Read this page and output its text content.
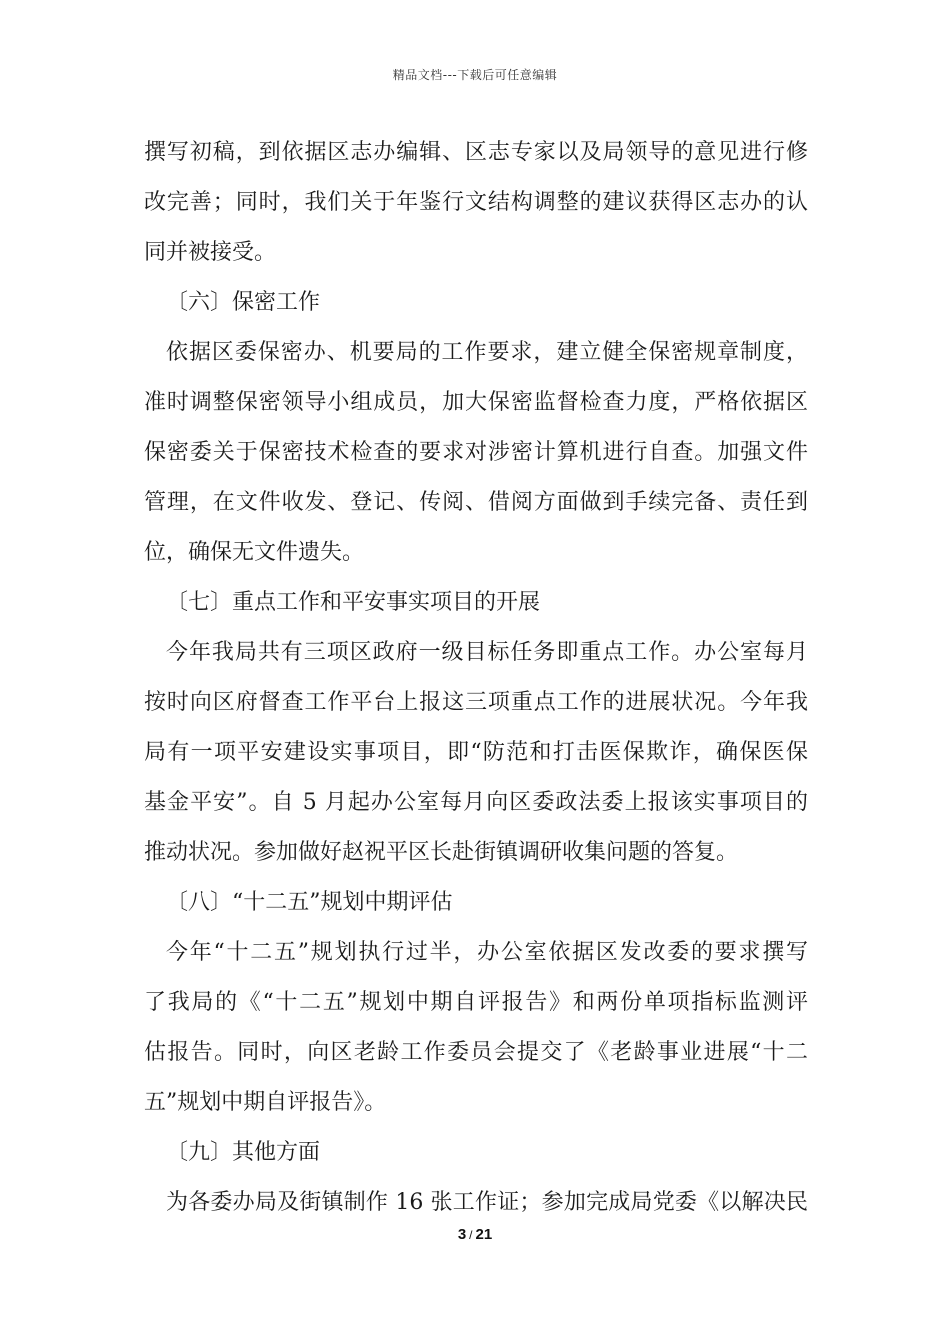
精品文档---下载后可任意编辑
撰写初稿，到依据区志办编辑、区志专家以及局领导的意见进行修
改完善；同时，我们关于年鉴行文结构调整的建议获得区志办的认
同并被接受。
〔六〕保密工作
依据区委保密办、机要局的工作要求，建立健全保密规章制度，
准时调整保密领导小组成员，加大保密监督检查力度，严格依据区
保密委关于保密技术检查的要求对涉密计算机进行自查。加强文件
管理，在文件收发、登记、传阅、借阅方面做到手续完备、责任到
位，确保无文件遗失。
〔七〕重点工作和平安事实项目的开展
今年我局共有三项区政府一级目标任务即重点工作。办公室每月
按时向区府督查工作平台上报这三项重点工作的进展状况。今年我
局有一项平安建设实事项目，即“防范和打击医保欺诈，确保医保
基金平安”。自 5 月起办公室每月向区委政法委上报该实事项目的
推动状况。参加做好赵祝平区长赴街镇调研收集问题的答复。
〔八〕“十二五”规划中期评估
今年“十二五”规划执行过半，办公室依据区发改委的要求撰写
了我局的《“十二五”规划中期自评报告》和两份单项指标监测评
估报告。同时，向区老龄工作委员会提交了《老龄事业进展“十二
五”规划中期自评报告》。
〔九〕其他方面
为各委办局及街镇制作 16 张工作证；参加完成局党委《以解决民
3 / 21
